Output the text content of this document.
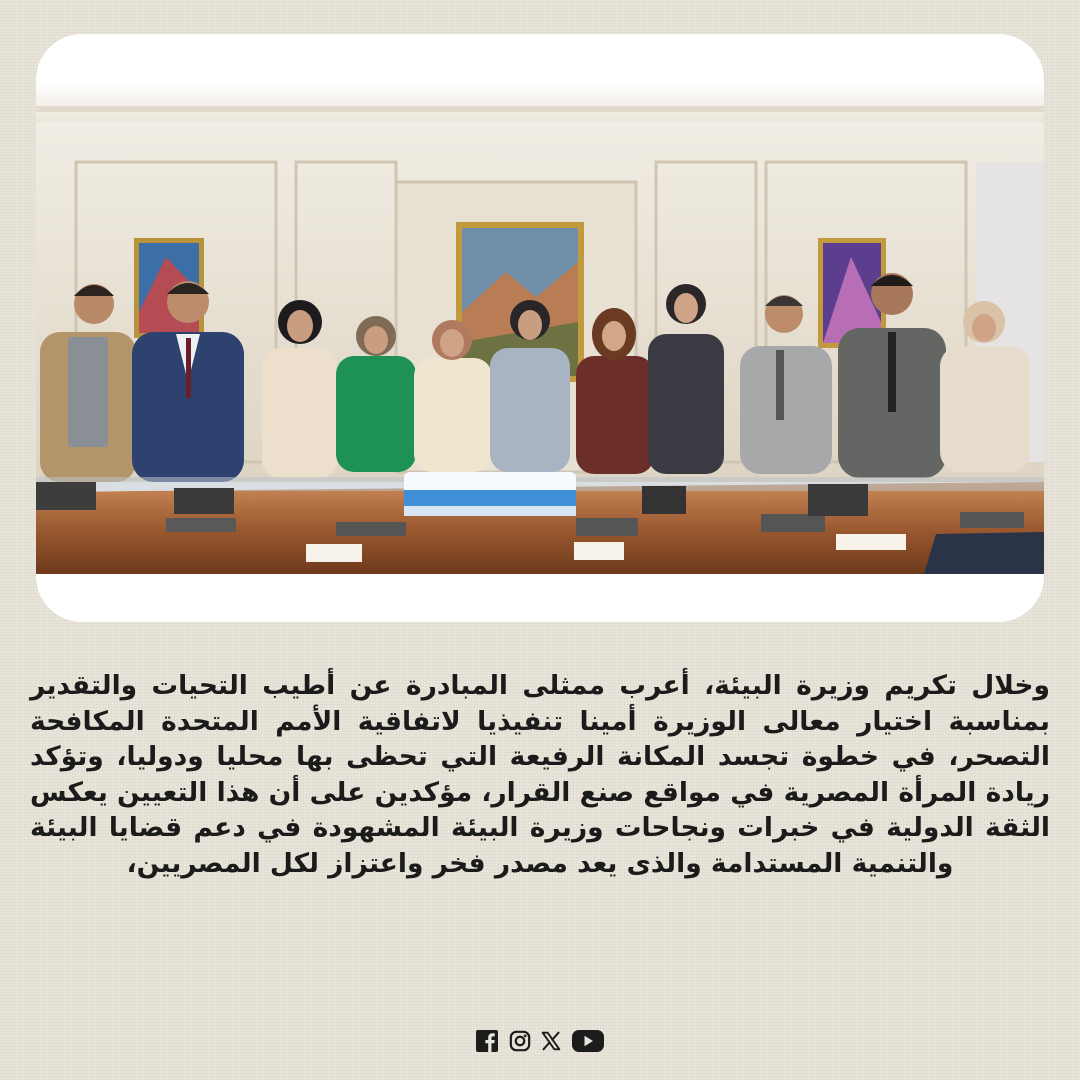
وخلال تكريم وزيرة البيئة، أعرب ممثلى المبادرة عن أطيب التحيات والتقدير بمناسبة اختيار معالى الوزيرة أمينا تنفيذيا لاتفاقية الأمم المتحدة المكافحة التصحر، في خطوة تجسد المكانة الرفيعة التي تحظى بها محليا ودوليا، وتؤكد ريادة المرأة المصرية في مواقع صنع القرار، مؤكدين على أن هذا التعيين يعكس الثقة الدولية في خبرات ونجاحات وزيرة البيئة المشهودة في دعم قضايا البيئة والتنمية المستدامة والذى يعد مصدر فخر واعتزاز لكل المصريين،
